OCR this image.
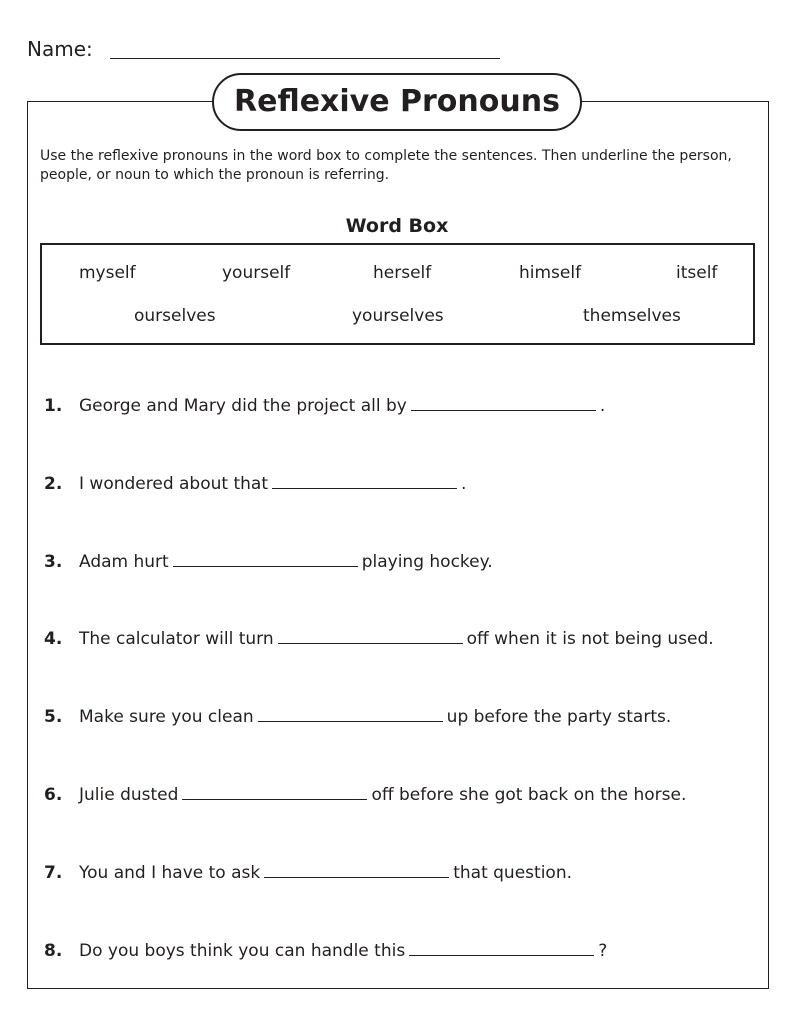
Name:
Reflexive Pronouns
Use the reflexive pronouns in the word box to complete the sentences. Then underline the person, people, or noun to which the pronoun is referring.
Word Box
myself	yourself	herself	himself	itself
ourselves	yourselves	themselves
1. George and Mary did the project all by	.
2. I wondered about that	.
3. Adam hurt	playing hockey.
4. The calculator will turn	off when it is not being used.
5. Make sure you clean	up before the party starts.
6. Julie dusted	off before she got back on the horse.
7. You and I have to ask	that question.
8. Do you boys think you can handle this	?
